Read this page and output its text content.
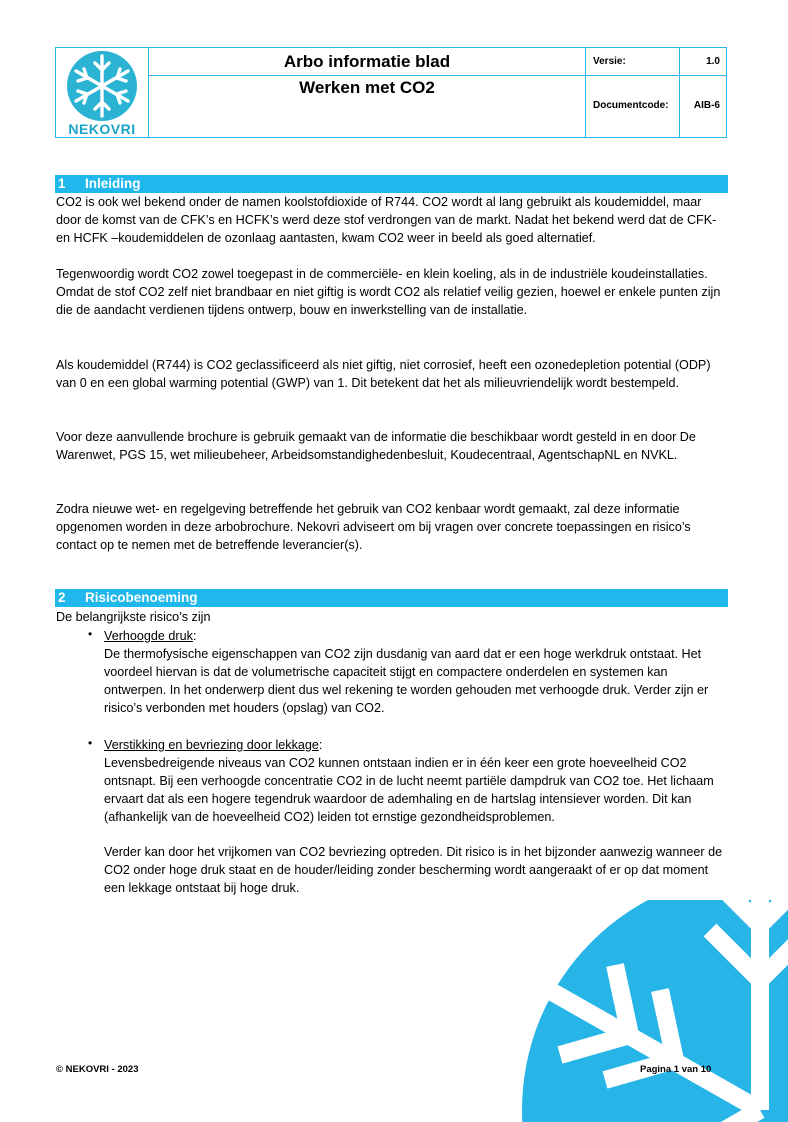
NEKOVRI
Arbo informatie blad
Werken met CO2
Versie:	1.0
Documentcode:	AIB-6
1 Inleiding

CO2 is ook wel bekend onder de namen koolstofdioxide of R744. CO2 wordt al lang gebruikt als koudemiddel, maar door de komst van de CFK’s en HCFK’s werd deze stof verdrongen van de markt. Nadat het bekend werd dat de CFK- en HCFK –koudemiddelen de ozonlaag aantasten, kwam CO2 weer in beeld als goed alternatief.

Tegenwoordig wordt CO2 zowel toegepast in de commerciële- en klein koeling, als in de industriële koudeinstallaties. Omdat de stof CO2 zelf niet brandbaar en niet giftig is wordt CO2 als relatief veilig gezien, hoewel er enkele punten zijn die de aandacht verdienen tijdens ontwerp, bouw en inwerkstelling van de installatie.

Als koudemiddel (R744) is CO2 geclassificeerd als niet giftig, niet corrosief, heeft een ozonedepletion potential (ODP) van 0 en een global warming potential (GWP) van 1. Dit betekent dat het als milieuvriendelijk wordt bestempeld.

Voor deze aanvullende brochure is gebruik gemaakt van de informatie die beschikbaar wordt gesteld in en door De Warenwet, PGS 15, wet milieubeheer, Arbeidsomstandighedenbesluit, Koudecentraal, AgentschapNL en NVKL.

Zodra nieuwe wet- en regelgeving betreffende het gebruik van CO2 kenbaar wordt gemaakt, zal deze informatie opgenomen worden in deze arbobrochure. Nekovri adviseert om bij vragen over concrete toepassingen en risico’s contact op te nemen met de betreffende leverancier(s).

2 Risicobenoeming

De belangrijkste risico’s zijn

• Verhoogde druk:

De thermofysische eigenschappen van CO2 zijn dusdanig van aard dat er een hoge werkdruk ontstaat. Het voordeel hiervan is dat de volumetrische capaciteit stijgt en compactere onderdelen en systemen kan ontwerpen. In het onderwerp dient dus wel rekening te worden gehouden met verhoogde druk. Verder zijn er risico’s verbonden met houders (opslag) van CO2.

• Verstikking en bevriezing door lekkage:

Levensbedreigende niveaus van CO2 kunnen ontstaan indien er in één keer een grote hoeveelheid CO2 ontsnapt. Bij een verhoogde concentratie CO2 in de lucht neemt partiële dampdruk van CO2 toe. Het lichaam ervaart dat als een hogere tegendruk waardoor de ademhaling en de hartslag intensiever worden. Dit kan (afhankelijk van de hoeveelheid CO2) leiden tot ernstige gezondheidsproblemen.

Verder kan door het vrijkomen van CO2 bevriezing optreden. Dit risico is in het bijzonder aanwezig wanneer de CO2 onder hoge druk staat en de houder/leiding zonder bescherming wordt aangeraakt of er op dat moment een lekkage ontstaat bij hoge druk.

© NEKOVRI - 2023	Pagina 1 van 10
